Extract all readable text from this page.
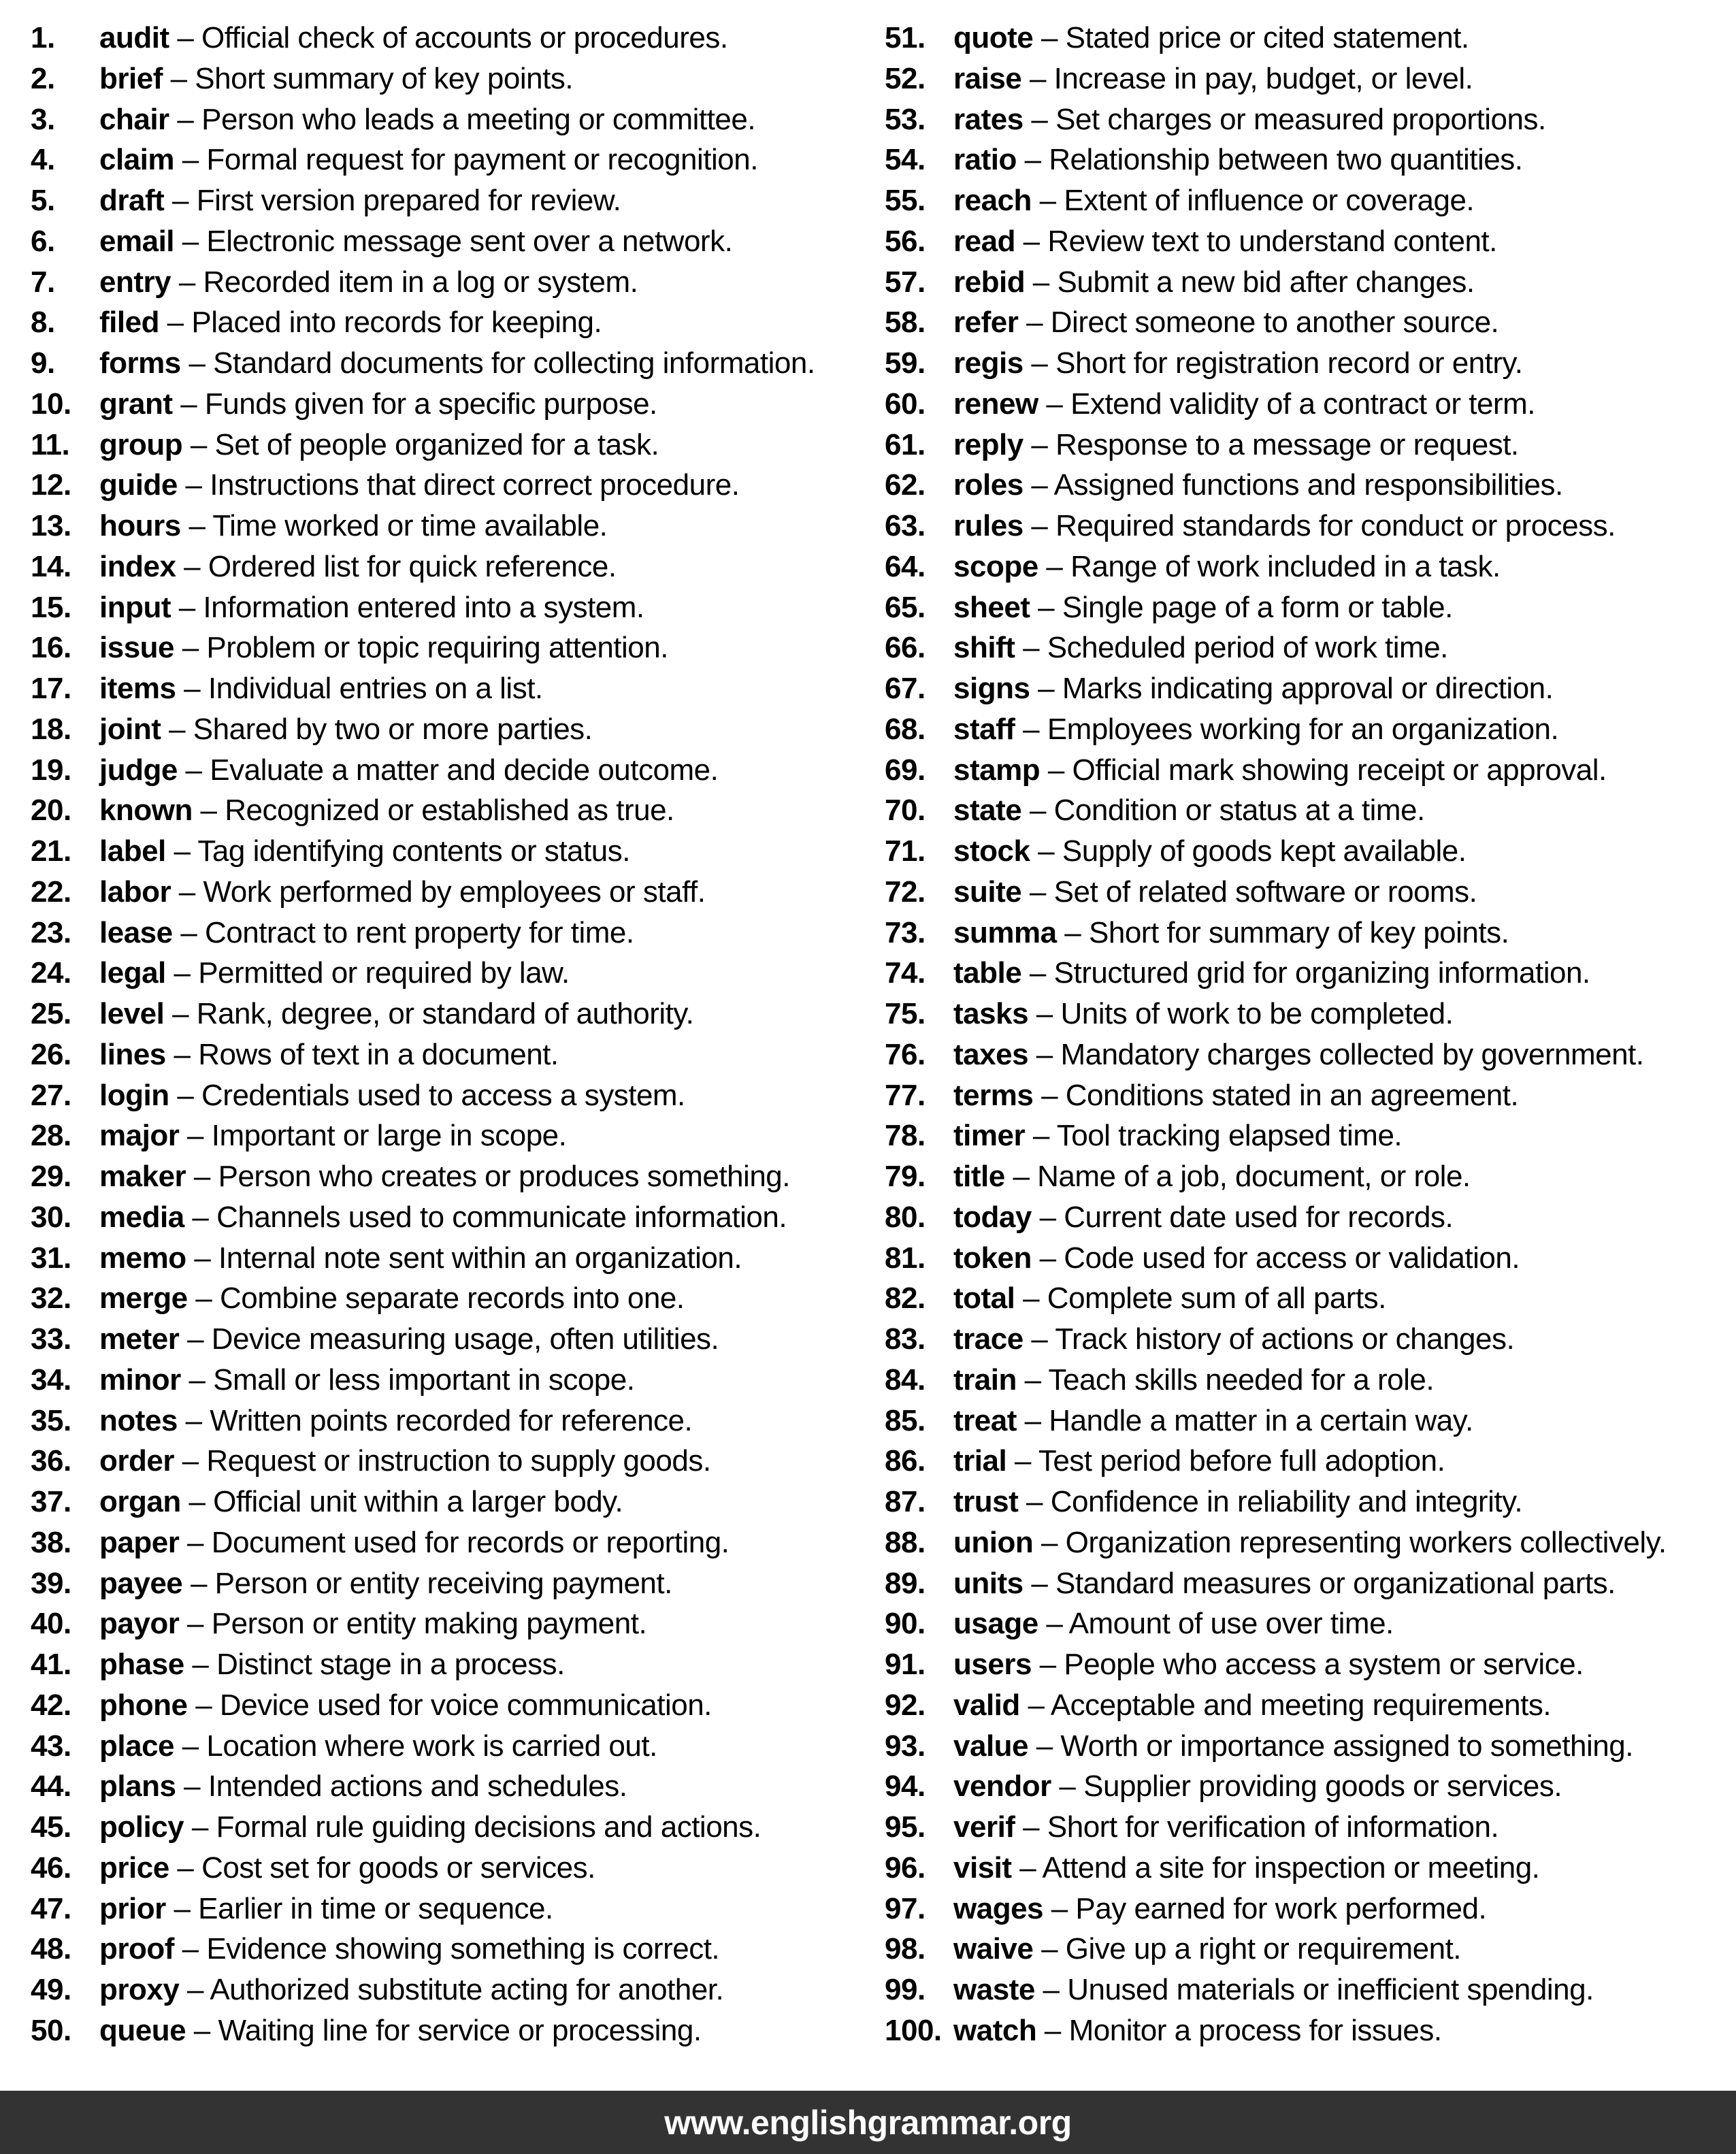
1.	audit – Official check of accounts or procedures.
2.	brief – Short summary of key points.
3.	chair – Person who leads a meeting or committee.
4.	claim – Formal request for payment or recognition.
5.	draft – First version prepared for review.
6.	email – Electronic message sent over a network.
7.	entry – Recorded item in a log or system.
8.	filed – Placed into records for keeping.
9.	forms – Standard documents for collecting information.
10. grant – Funds given for a specific purpose.
11. group – Set of people organized for a task.
12. guide – Instructions that direct correct procedure.
13. hours – Time worked or time available.
14. index – Ordered list for quick reference.
15. input – Information entered into a system.
16. issue – Problem or topic requiring attention.
17. items – Individual entries on a list.
18. joint – Shared by two or more parties.
19. judge – Evaluate a matter and decide outcome.
20. known – Recognized or established as true.
21. label – Tag identifying contents or status.
22. labor – Work performed by employees or staff.
23. lease – Contract to rent property for time.
24. legal – Permitted or required by law.
25. level – Rank, degree, or standard of authority.
26. lines – Rows of text in a document.
27. login – Credentials used to access a system.
28. major – Important or large in scope.
29. maker – Person who creates or produces something.
30. media – Channels used to communicate information.
31. memo – Internal note sent within an organization.
32. merge – Combine separate records into one.
33. meter – Device measuring usage, often utilities.
34. minor – Small or less important in scope.
35. notes – Written points recorded for reference.
36. order – Request or instruction to supply goods.
37. organ – Official unit within a larger body.
38. paper – Document used for records or reporting.
39. payee – Person or entity receiving payment.
40. payor – Person or entity making payment.
41. phase – Distinct stage in a process.
42. phone – Device used for voice communication.
43. place – Location where work is carried out.
44. plans – Intended actions and schedules.
45. policy – Formal rule guiding decisions and actions.
46. price – Cost set for goods or services.
47. prior – Earlier in time or sequence.
48. proof – Evidence showing something is correct.
49. proxy – Authorized substitute acting for another.
50. queue – Waiting line for service or processing.
51. quote – Stated price or cited statement.
52. raise – Increase in pay, budget, or level.
53. rates – Set charges or measured proportions.
54. ratio – Relationship between two quantities.
55. reach – Extent of influence or coverage.
56. read – Review text to understand content.
57. rebid – Submit a new bid after changes.
58. refer – Direct someone to another source.
59. regis – Short for registration record or entry.
60. renew – Extend validity of a contract or term.
61. reply – Response to a message or request.
62. roles – Assigned functions and responsibilities.
63. rules – Required standards for conduct or process.
64. scope – Range of work included in a task.
65. sheet – Single page of a form or table.
66. shift – Scheduled period of work time.
67. signs – Marks indicating approval or direction.
68. staff – Employees working for an organization.
69. stamp – Official mark showing receipt or approval.
70. state – Condition or status at a time.
71. stock – Supply of goods kept available.
72. suite – Set of related software or rooms.
73. summa – Short for summary of key points.
74. table – Structured grid for organizing information.
75. tasks – Units of work to be completed.
76. taxes – Mandatory charges collected by government.
77. terms – Conditions stated in an agreement.
78. timer – Tool tracking elapsed time.
79. title – Name of a job, document, or role.
80. today – Current date used for records.
81. token – Code used for access or validation.
82. total – Complete sum of all parts.
83. trace – Track history of actions or changes.
84. train – Teach skills needed for a role.
85. treat – Handle a matter in a certain way.
86. trial – Test period before full adoption.
87. trust – Confidence in reliability and integrity.
88. union – Organization representing workers collectively.
89. units – Standard measures or organizational parts.
90. usage – Amount of use over time.
91. users – People who access a system or service.
92. valid – Acceptable and meeting requirements.
93. value – Worth or importance assigned to something.
94. vendor – Supplier providing goods or services.
95. verif – Short for verification of information.
96. visit – Attend a site for inspection or meeting.
97. wages – Pay earned for work performed.
98. waive – Give up a right or requirement.
99. waste – Unused materials or inefficient spending.
100. watch – Monitor a process for issues.
www.englishgrammar.org
